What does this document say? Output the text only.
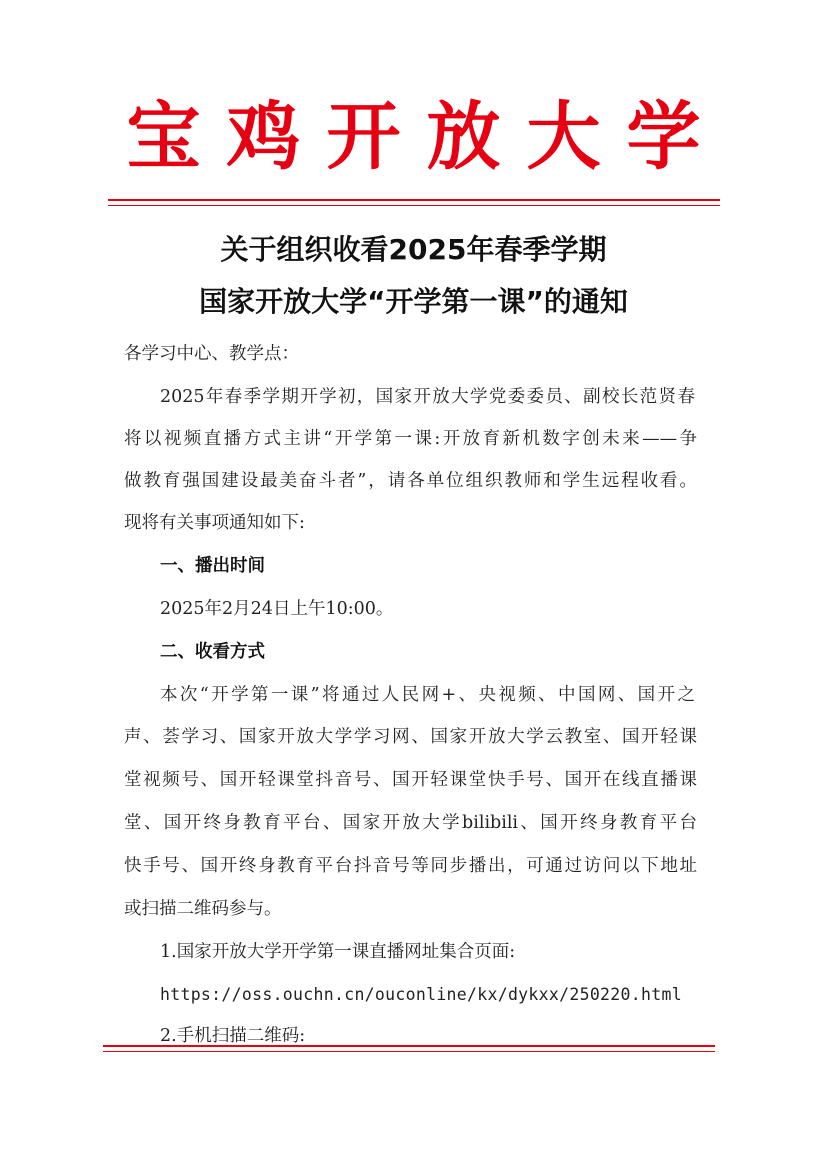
宝鸡开放大学
关于组织收看2025年春季学期
国家开放大学“开学第一课”的通知
各学习中心、教学点：
2025年春季学期开学初，国家开放大学党委委员、副校长范贤春
将以视频直播方式主讲“开学第一课:开放育新机数字创未来——争
做教育强国建设最美奋斗者”，请各单位组织教师和学生远程收看。
现将有关事项通知如下:
一、播出时间
2025年2月24日上午10:00。
二、收看方式
本次“开学第一课”将通过人民网+、央视频、中国网、国开之
声、荟学习、国家开放大学学习网、国家开放大学云教室、国开轻课
堂视频号、国开轻课堂抖音号、国开轻课堂快手号、国开在线直播课
堂、国开终身教育平台、国家开放大学bilibili、国开终身教育平台
快手号、国开终身教育平台抖音号等同步播出，可通过访问以下地址
或扫描二维码参与。
1.国家开放大学开学第一课直播网址集合页面:
https://oss.ouchn.cn/ouconline/kx/dykxx/250220.html
2.手机扫描二维码:
